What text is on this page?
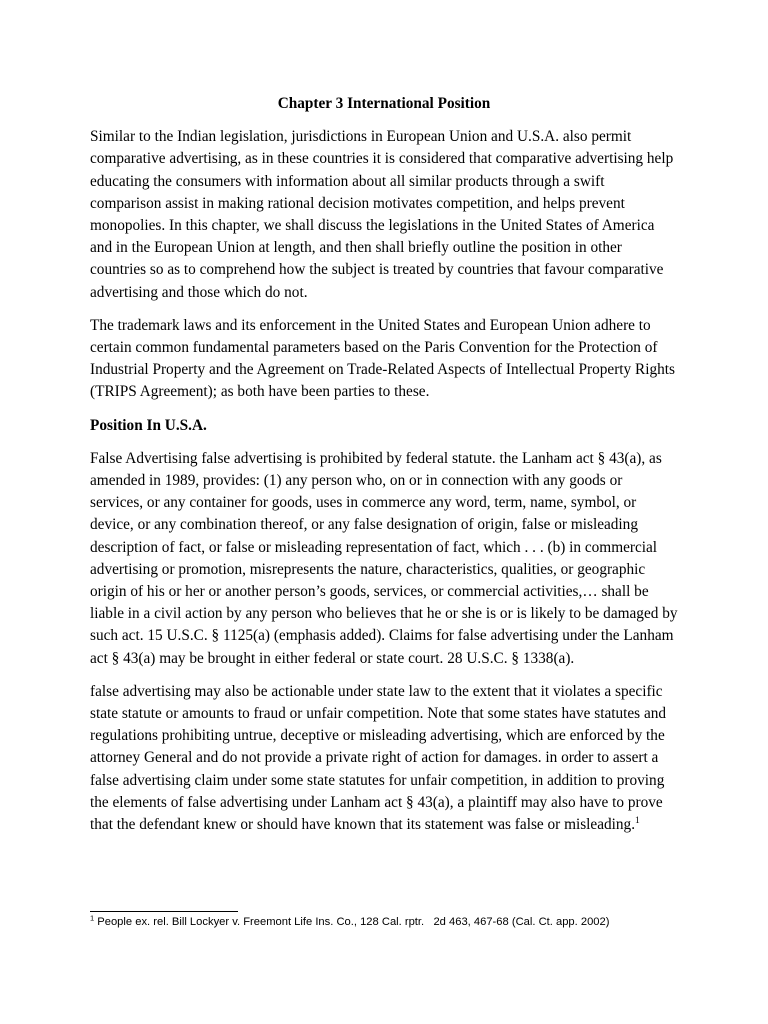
Chapter 3 International Position

Similar to the Indian legislation, jurisdictions in European Union and U.S.A. also permit comparative advertising, as in these countries it is considered that comparative advertising help educating the consumers with information about all similar products through a swift comparison assist in making rational decision motivates competition, and helps prevent monopolies. In this chapter, we shall discuss the legislations in the United States of America and in the European Union at length, and then shall briefly outline the position in other countries so as to comprehend how the subject is treated by countries that favour comparative advertising and those which do not.

The trademark laws and its enforcement in the United States and European Union adhere to certain common fundamental parameters based on the Paris Convention for the Protection of Industrial Property and the Agreement on Trade-Related Aspects of Intellectual Property Rights (TRIPS Agreement); as both have been parties to these.

Position In U.S.A.

False Advertising false advertising is prohibited by federal statute. the Lanham act § 43(a), as amended in 1989, provides: (1) any person who, on or in connection with any goods or services, or any container for goods, uses in commerce any word, term, name, symbol, or device, or any combination thereof, or any false designation of origin, false or misleading description of fact, or false or misleading representation of fact, which . . . (b) in commercial advertising or promotion, misrepresents the nature, characteristics, qualities, or geographic origin of his or her or another person’s goods, services, or commercial activities,… shall be liable in a civil action by any person who believes that he or she is or is likely to be damaged by such act. 15 U.S.C. § 1125(a) (emphasis added). Claims for false advertising under the Lanham act § 43(a) may be brought in either federal or state court. 28 U.S.C. § 1338(a).

false advertising may also be actionable under state law to the extent that it violates a specific state statute or amounts to fraud or unfair competition. Note that some states have statutes and regulations prohibiting untrue, deceptive or misleading advertising, which are enforced by the attorney General and do not provide a private right of action for damages. in order to assert a false advertising claim under some state statutes for unfair competition, in addition to proving the elements of false advertising under Lanham act § 43(a), a plaintiff may also have to prove that the defendant knew or should have known that its statement was false or misleading.$^1$

$^1$ People ex. rel. Bill Lockyer v. Freemont Life Ins. Co., 128 Cal. rptr.   2d 463, 467-68 (Cal. Ct. app. 2002)
